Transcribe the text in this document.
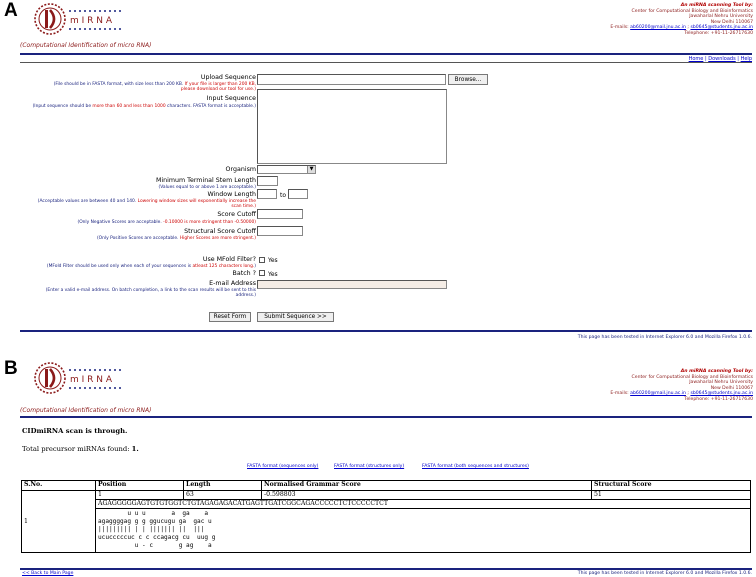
A	m I R N A
(Computational Identification of micro RNA)
An miRNA scanning Tool by:
Center for Computational Biology and Bioinformatics
Jawaharlal Nehru University
New Delhi 110067
E-mails: ab60200@mail.jnu.ac.in ; sb0645@students.jnu.ac.in
Telephone: +91-11-26717630
Home | Downloads | Help
Upload Sequence
(File should be in FASTA format, with size less than 200 KB. If your file is larger than 200 KB,
please download our tool for use.)
Browse...
Input Sequence
(Input sequence should be more than 60 and less than 1000 characters. FASTA format is acceptable.)
Organism	▼
Minimum Terminal Stem Length
(Values equal to or above 1 are acceptable.)
Window Length
(Acceptable values are between 40 and 140. Lowering window sizes will exponentially increase the
scan time.)
to
Score Cutoff
(Only Negative Scores are acceptable. -0.10000 is more stringent than -0.50000)
Structural Score Cutoff
(Only Positive Scores are acceptable. Higher Scores are more stringent.)
Use MFold Filter?
(MFold Filter should be used only when each of your sequences is atleast 125 characters long.)
Yes
Batch ? Yes
E-mail Address
(Enter a valid e-mail address. On batch completion, a link to the scan results will be sent to this
address.)
Reset Form	Submit Sequence >>
This page has been tested in Internet Explorer 6.0 and Mozilla Firefox 1.0.6.
B
m I R N A
(Computational Identification of micro RNA)
An miRNA scanning Tool by:
Center for Computational Biology and Bioinformatics
Jawaharlal Nehru University
New Delhi 110067
E-mails: ab60200@mail.jnu.ac.in ; sb0645@students.jnu.ac.in
Telephone: +91-11-26717630
CIDmiRNA scan is through.
Total precursor miRNAs found: 1.
FASTA format (sequences only)	FASTA format (structures only)	FASTA format (both sequences and structures)
S.No.	Position	Length	Normalised Grammar Score	Structural Score
1	1	63	-0.598803	51
	AGAGGGGGAGTGTGTGGTCTGTAGAGAGACATGAGTTGATCGGCAGACCCCCTCTCCCCCTCT			

	u u u       a  ga    a
agaggggag g g ggucugu ga  gac u
||||||||| | | ||||||| ||  |||
ucucccccuc c c ccagacg cu  uug g
u - c       g ag    a			
<< Back to Main Page	This page has been tested in Internet Explorer 6.0 and Mozilla Firefox 1.0.6.
